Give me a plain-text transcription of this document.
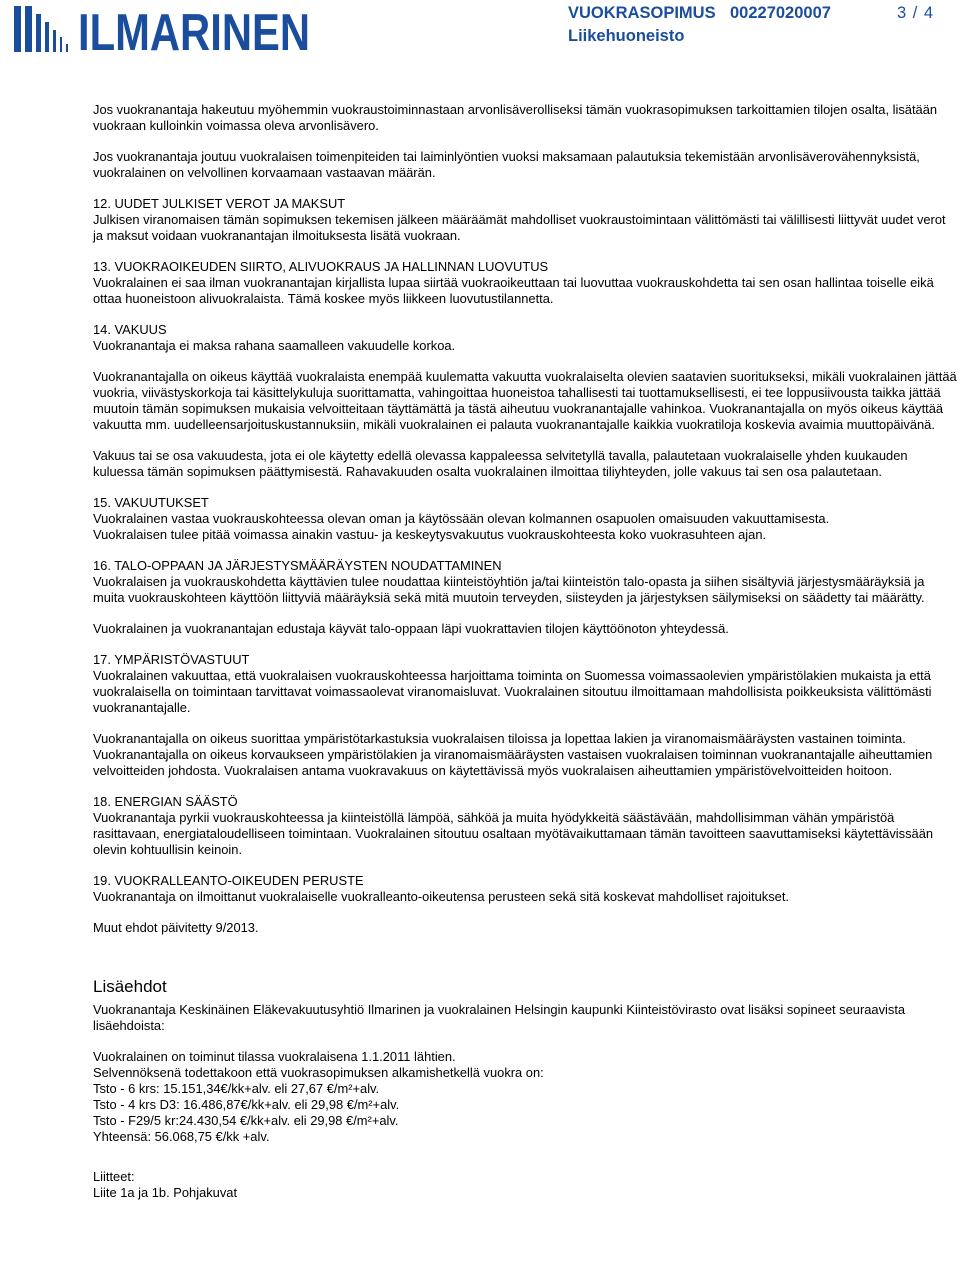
ILMARINEN	VUOKRASOPIMUS 00227020007	3 / 4
Liikehuoneisto

Jos vuokranantaja hakeutuu myöhemmin vuokraustoiminnastaan arvonlisäverolliseksi tämän vuokrasopimuksen tarkoittamien tilojen osalta, lisätään vuokraan kulloinkin voimassa oleva arvonlisävero.

Jos vuokranantaja joutuu vuokralaisen toimenpiteiden tai laiminlyöntien vuoksi maksamaan palautuksia tekemistään arvonlisäverovähennyksistä, vuokralainen on velvollinen korvaamaan vastaavan määrän.

12. UUDET JULKISET VEROT JA MAKSUT
Julkisen viranomaisen tämän sopimuksen tekemisen jälkeen määräämät mahdolliset vuokraustoimintaan välittömästi tai välillisesti liittyvät uudet verot ja maksut voidaan vuokranantajan ilmoituksesta lisätä vuokraan.

13. VUOKRAOIKEUDEN SIIRTO, ALIVUOKRAUS JA HALLINNAN LUOVUTUS
Vuokralainen ei saa ilman vuokranantajan kirjallista lupaa siirtää vuokraoikeuttaan tai luovuttaa vuokrauskohdetta tai sen osan hallintaa toiselle eikä ottaa huoneistoon alivuokralaista. Tämä koskee myös liikkeen luovutustilannetta.

14. VAKUUS
Vuokranantaja ei maksa rahana saamalleen vakuudelle korkoa.

Vuokranantajalla on oikeus käyttää vuokralaista enempää kuulematta vakuutta vuokralaiselta olevien saatavien suoritukseksi, mikäli vuokralainen jättää vuokria, viivästyskorkoja tai käsittelykuluja suorittamatta, vahingoittaa huoneistoa tahallisesti tai tuottamuksellisesti, ei tee loppusiivousta taikka jättää muutoin tämän sopimuksen mukaisia velvoitteitaan täyttämättä ja tästä aiheutuu vuokranantajalle vahinkoa. Vuokranantajalla on myös oikeus käyttää vakuutta mm. uudelleensarjoituskustannuksiin, mikäli vuokralainen ei palauta vuokranantajalle kaikkia vuokratiloja koskevia avaimia muuttopäivänä.

Vakuus tai se osa vakuudesta, jota ei ole käytetty edellä olevassa kappaleessa selvitetyllä tavalla, palautetaan vuokralaiselle yhden kuukauden kuluessa tämän sopimuksen päättymisestä. Rahavakuuden osalta vuokralainen ilmoittaa tiliyhteyden, jolle vakuus tai sen osa palautetaan.

15. VAKUUTUKSET
Vuokralainen vastaa vuokrauskohteessa olevan oman ja käytössään olevan kolmannen osapuolen omaisuuden vakuuttamisesta.
Vuokralaisen tulee pitää voimassa ainakin vastuu- ja keskeytysvakuutus vuokrauskohteesta koko vuokrasuhteen ajan.

16. TALO-OPPAAN JA JÄRJESTYSMÄÄRÄYSTEN NOUDATTAMINEN
Vuokralaisen ja vuokrauskohdetta käyttävien tulee noudattaa kiinteistöyhtiön ja/tai kiinteistön talo-opasta ja siihen sisältyviä järjestysmääräyksiä ja muita vuokrauskohteen käyttöön liittyviä määräyksiä sekä mitä muutoin terveyden, siisteyden ja järjestyksen säilymiseksi on säädetty tai määrätty.

Vuokralainen ja vuokranantajan edustaja käyvät talo-oppaan läpi vuokrattavien tilojen käyttöönoton yhteydessä.

17. YMPÄRISTÖVASTUUT
Vuokralainen vakuuttaa, että vuokralaisen vuokrauskohteessa harjoittama toiminta on Suomessa voimassaolevien ympäristölakien mukaista ja että vuokralaisella on toimintaan tarvittavat voimassaolevat viranomaisluvat. Vuokralainen sitoutuu ilmoittamaan mahdollisista poikkeuksista välittömästi vuokranantajalle.

Vuokranantajalla on oikeus suorittaa ympäristötarkastuksia vuokralaisen tiloissa ja lopettaa lakien ja viranomaismääräysten vastainen toiminta. Vuokranantajalla on oikeus korvaukseen ympäristölakien ja viranomaismääräysten vastaisen vuokralaisen toiminnan vuokranantajalle aiheuttamien velvoitteiden johdosta. Vuokralaisen antama vuokravakuus on käytettävissä myös vuokralaisen aiheuttamien ympäristövelvoitteiden hoitoon.

18. ENERGIAN SÄÄSTÖ
Vuokranantaja pyrkii vuokrauskohteessa ja kiinteistöllä lämpöä, sähköä ja muita hyödykkeitä säästävään, mahdollisimman vähän ympäristöä rasittavaan, energiataloudelliseen toimintaan. Vuokralainen sitoutuu osaltaan myötävaikuttamaan tämän tavoitteen saavuttamiseksi käytettävissään olevin kohtuullisin keinoin.

19. VUOKRALLEANTO-OIKEUDEN PERUSTE
Vuokranantaja on ilmoittanut vuokralaiselle vuokralleanto-oikeutensa perusteen sekä sitä koskevat mahdolliset rajoitukset.

Muut ehdot päivitetty 9/2013.

Lisäehdot

Vuokranantaja Keskinäinen Eläkevakuutusyhtiö Ilmarinen ja vuokralainen Helsingin kaupunki Kiinteistövirasto ovat lisäksi sopineet seuraavista lisäehdoista:

Vuokralainen on toiminut tilassa vuokralaisena 1.1.2011 lähtien.
Selvennöksenä todettakoon että vuokrasopimuksen alkamishetkellä vuokra on:
Tsto - 6 krs: 15.151,34€/kk+alv. eli 27,67 €/m²+alv.
Tsto - 4 krs D3: 16.486,87€/kk+alv. eli 29,98 €/m²+alv.
Tsto - F29/5 kr:24.430,54 €/kk+alv. eli 29,98 €/m²+alv.
Yhteensä: 56.068,75 €/kk +alv.
Liitteet:
Liite 1a ja 1b. Pohjakuvat
